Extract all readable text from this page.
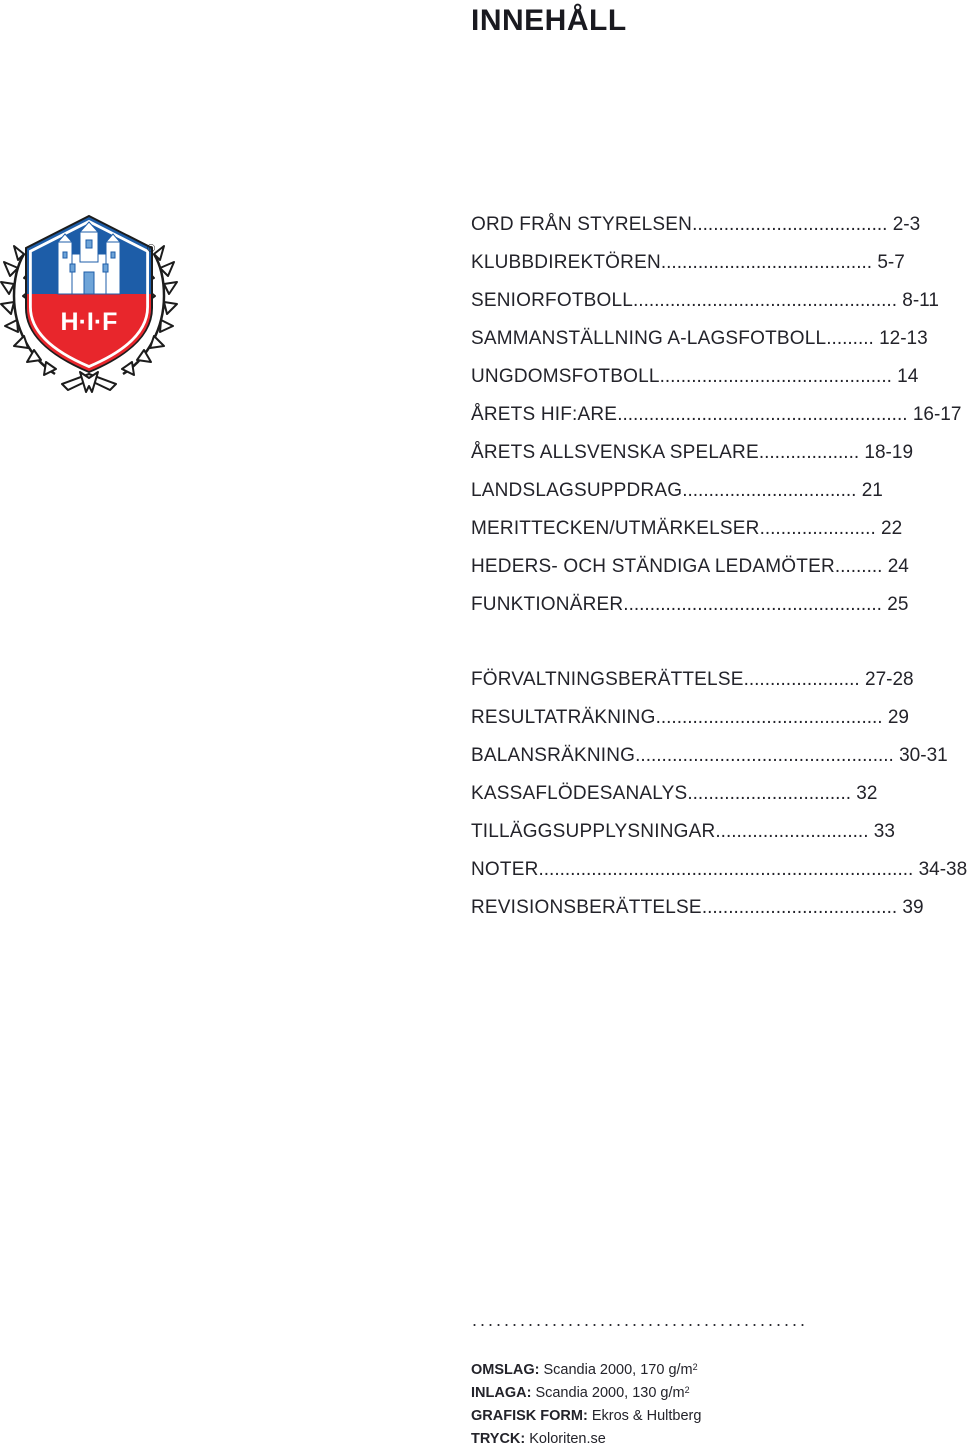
INNEHÅLL
H·I·F
®
ORD FRÅN STYRELSEN..................................... 2-3
KLUBBDIREKTÖREN........................................ 5-7
SENIORFOTBOLL.................................................. 8-11
SAMMANSTÄLLNING A-LAGSFOTBOLL......... 12-13
UNGDOMSFOTBOLL............................................ 14
ÅRETS HIF:ARE....................................................... 16-17
ÅRETS ALLSVENSKA SPELARE................... 18-19
LANDSLAGSUPPDRAG................................. 21
MERITTECKEN/UTMÄRKELSER...................... 22
HEDERS- OCH STÄNDIGA LEDAMÖTER......... 24
FUNKTIONÄRER................................................. 25
FÖRVALTNINGSBERÄTTELSE...................... 27-28
RESULTATRÄKNING........................................... 29
BALANSRÄKNING................................................. 30-31
KASSAFLÖDESANALYS............................... 32
TILLÄGGSUPPLYSNINGAR............................. 33
NOTER....................................................................... 34-38
REVISIONSBERÄTTELSE..................................... 39
..........................................
OMSLAG: Scandia 2000, 170 $g/m^2$
INLAGA: Scandia 2000, 130 $g/m^2$
GRAFISK FORM: Ekros & Hultberg
TRYCK: Koloriten.se
